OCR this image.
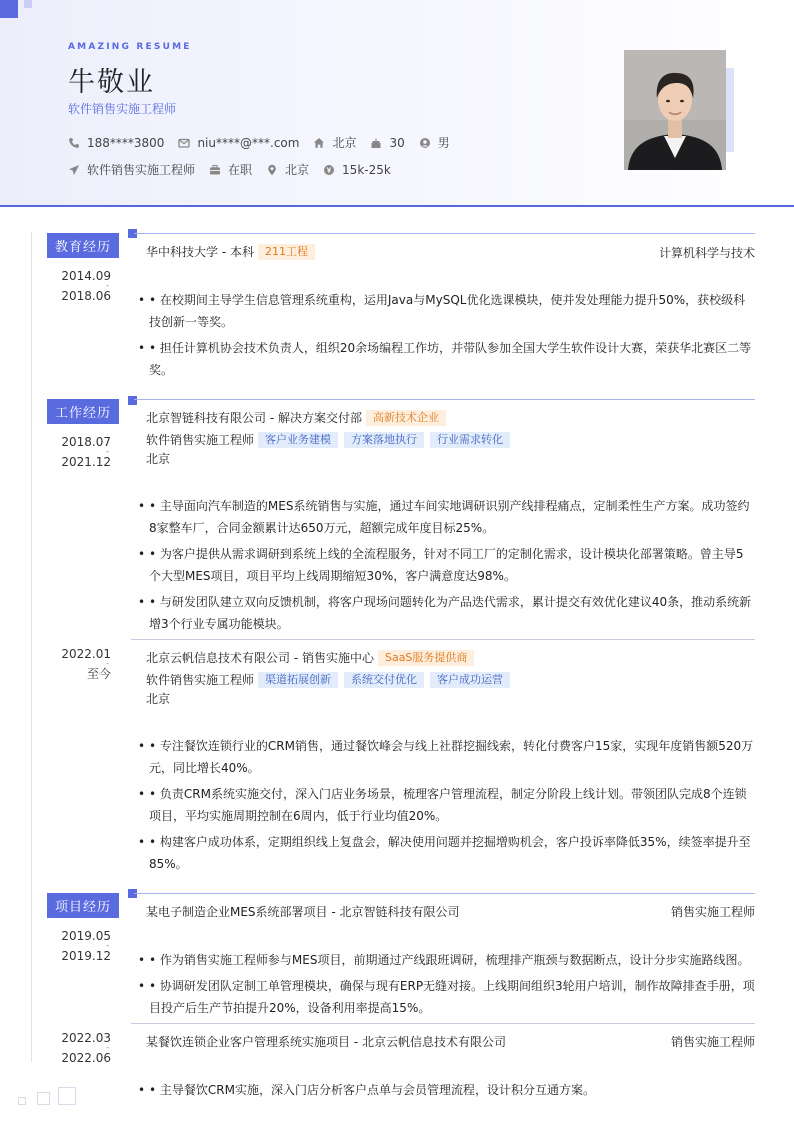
AMAZING RESUME
牛敬业
软件销售实施工程师
188****3800	niu****@***.com	北京	30	男
软件销售实施工程师	在职	北京	15k-25k
教育经历
2014.09
-
2018.06
华中科技大学 - 本科	211工程	计算机科学与技术
• • 在校期间主导学生信息管理系统重构，运用Java与MySQL优化选课模块，使并发处理能力提升50%，获校级科技创新一等奖。
• • 担任计算机协会技术负责人，组织20余场编程工作坊，并带队参加全国大学生软件设计大赛，荣获华北赛区二等奖。
工作经历
2018.07
-
2021.12
北京智链科技有限公司 - 解决方案交付部	高新技术企业
软件销售实施工程师	客户业务建模	方案落地执行	行业需求转化
北京
• • 主导面向汽车制造的MES系统销售与实施，通过车间实地调研识别产线排程痛点，定制柔性生产方案。成功签约8家整车厂，合同金额累计达650万元，超额完成年度目标25%。
• • 为客户提供从需求调研到系统上线的全流程服务，针对不同工厂的定制化需求，设计模块化部署策略。曾主导5个大型MES项目，项目平均上线周期缩短30%，客户满意度达98%。
• • 与研发团队建立双向反馈机制，将客户现场问题转化为产品迭代需求，累计提交有效优化建议40条，推动系统新增3个行业专属功能模块。
2022.01
-
至今
北京云帆信息技术有限公司 - 销售实施中心	SaaS服务提供商
软件销售实施工程师	渠道拓展创新	系统交付优化	客户成功运营
北京
• • 专注餐饮连锁行业的CRM销售，通过餐饮峰会与线上社群挖掘线索，转化付费客户15家，实现年度销售额520万元，同比增长40%。
• • 负责CRM系统实施交付，深入门店业务场景，梳理客户管理流程，制定分阶段上线计划。带领团队完成8个连锁项目，平均实施周期控制在6周内，低于行业均值20%。
• • 构建客户成功体系，定期组织线上复盘会，解决使用问题并挖掘增购机会，客户投诉率降低35%，续签率提升至85%。
项目经历
2019.05
-
2019.12
某电子制造企业MES系统部署项目 - 北京智链科技有限公司	销售实施工程师
• • 作为销售实施工程师参与MES项目，前期通过产线跟班调研，梳理排产瓶颈与数据断点，设计分步实施路线图。
• • 协调研发团队定制工单管理模块，确保与现有ERP无缝对接。上线期间组织3轮用户培训，制作故障排查手册，项目投产后生产节拍提升20%，设备利用率提高15%。
2022.03
-
2022.06
某餐饮连锁企业客户管理系统实施项目 - 北京云帆信息技术有限公司	销售实施工程师
• • 主导餐饮CRM实施，深入门店分析客户点单与会员管理流程，设计积分互通方案。
